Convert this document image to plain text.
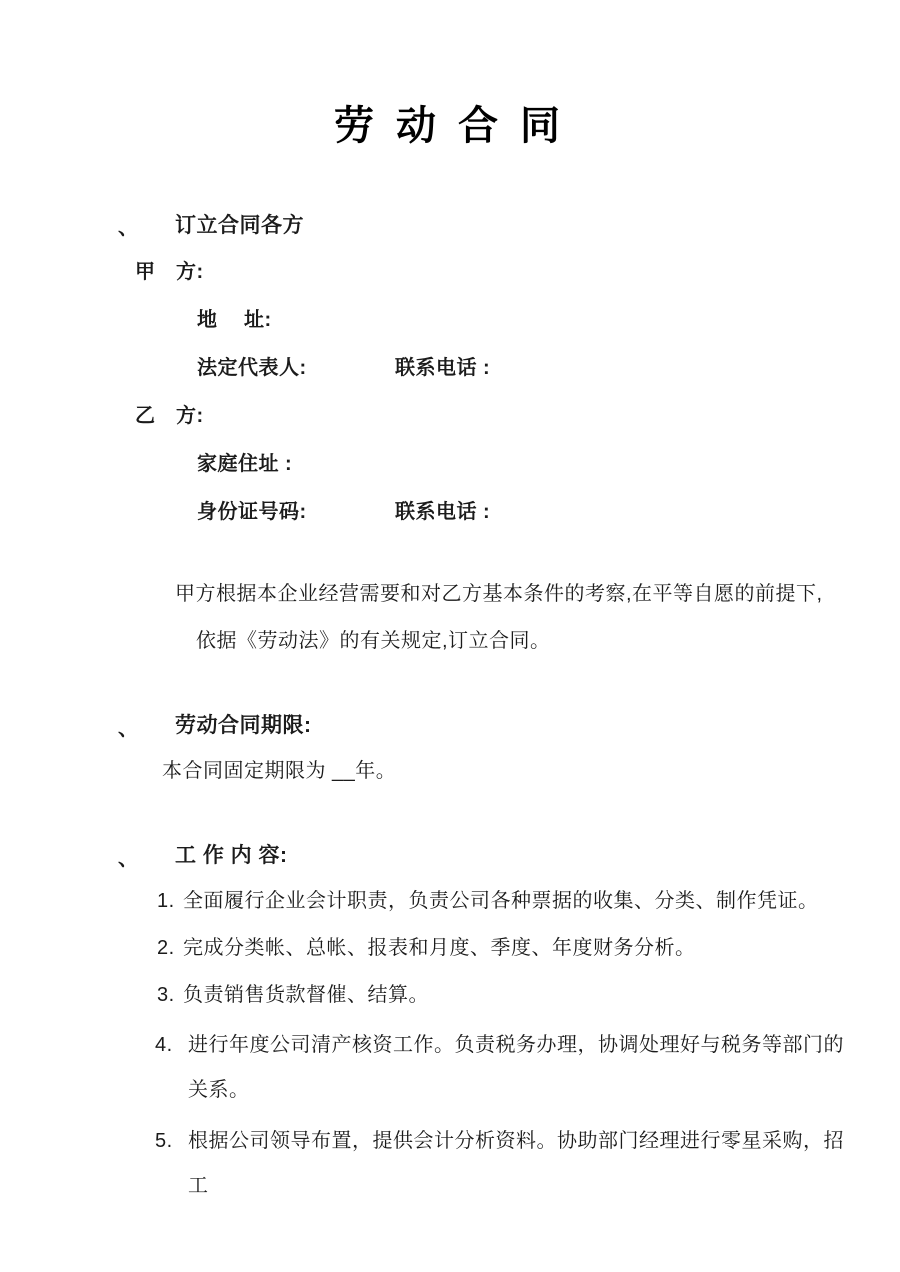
劳 动 合 同
、 订立合同各方
甲　方:
地　 址:
法定代表人:	联系电话 :
乙　方:
家庭住址 :
身份证号码:	联系电话 :
甲方根据本企业经营需要和对乙方基本条件的考察,在平等自愿的前提下,
依据《劳动法》的有关规定,订立合同。
、 劳动合同期限:
本合同固定期限为 __年。
、 工 作 内 容:
1. 全面履行企业会计职责，负责公司各种票据的收集、分类、制作凭证。
2. 完成分类帐、总帐、报表和月度、季度、年度财务分析。
3. 负责销售货款督催、结算。
4. 进行年度公司清产核资工作。负责税务办理，协调处理好与税务等部门的关系。
5. 根据公司领导布置，提供会计分析资料。协助部门经理进行零星采购，招工
